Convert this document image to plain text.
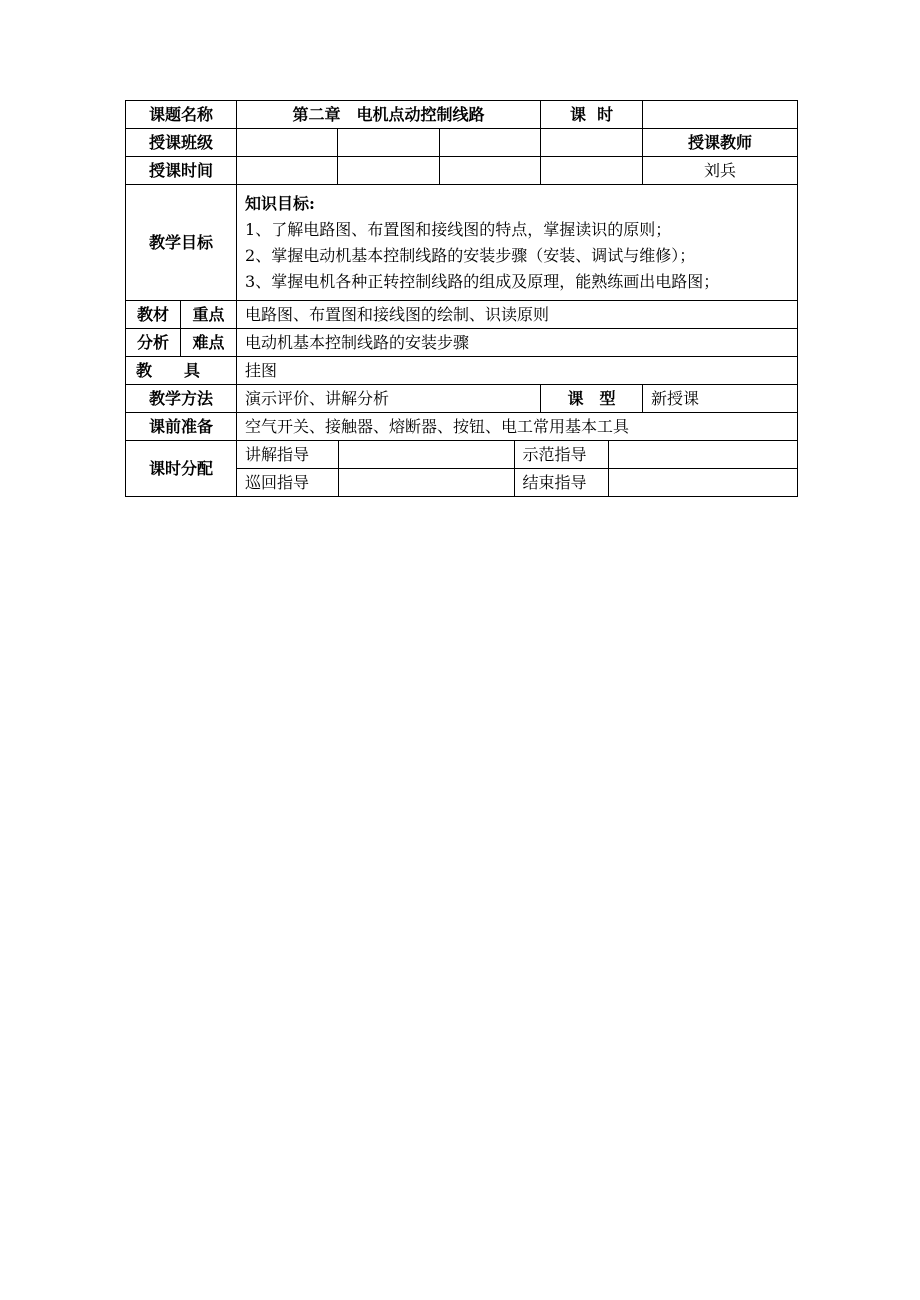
课题名称	第二章　电机点动控制线路	课  时	
授课班级					授课教师
授课时间					刘兵
教学目标	
知识目标:
1、了解电路图、布置图和接线图的特点，掌握读识的原则；
2、掌握电动机基本控制线路的安装步骤（安装、调试与维修）；
3、掌握电机各种正转控制线路的组成及原理，能熟练画出电路图；

教材	重点	电路图、布置图和接线图的绘制、识读原则
分析	难点	电动机基本控制线路的安装步骤
教　　具	挂图
教学方法	演示评价、讲解分析	课　型	新授课
课前准备	空气开关、接触器、熔断器、按钮、电工常用基本工具
课时分配	
讲解指导		示范指导	
巡回指导		结束指导	
